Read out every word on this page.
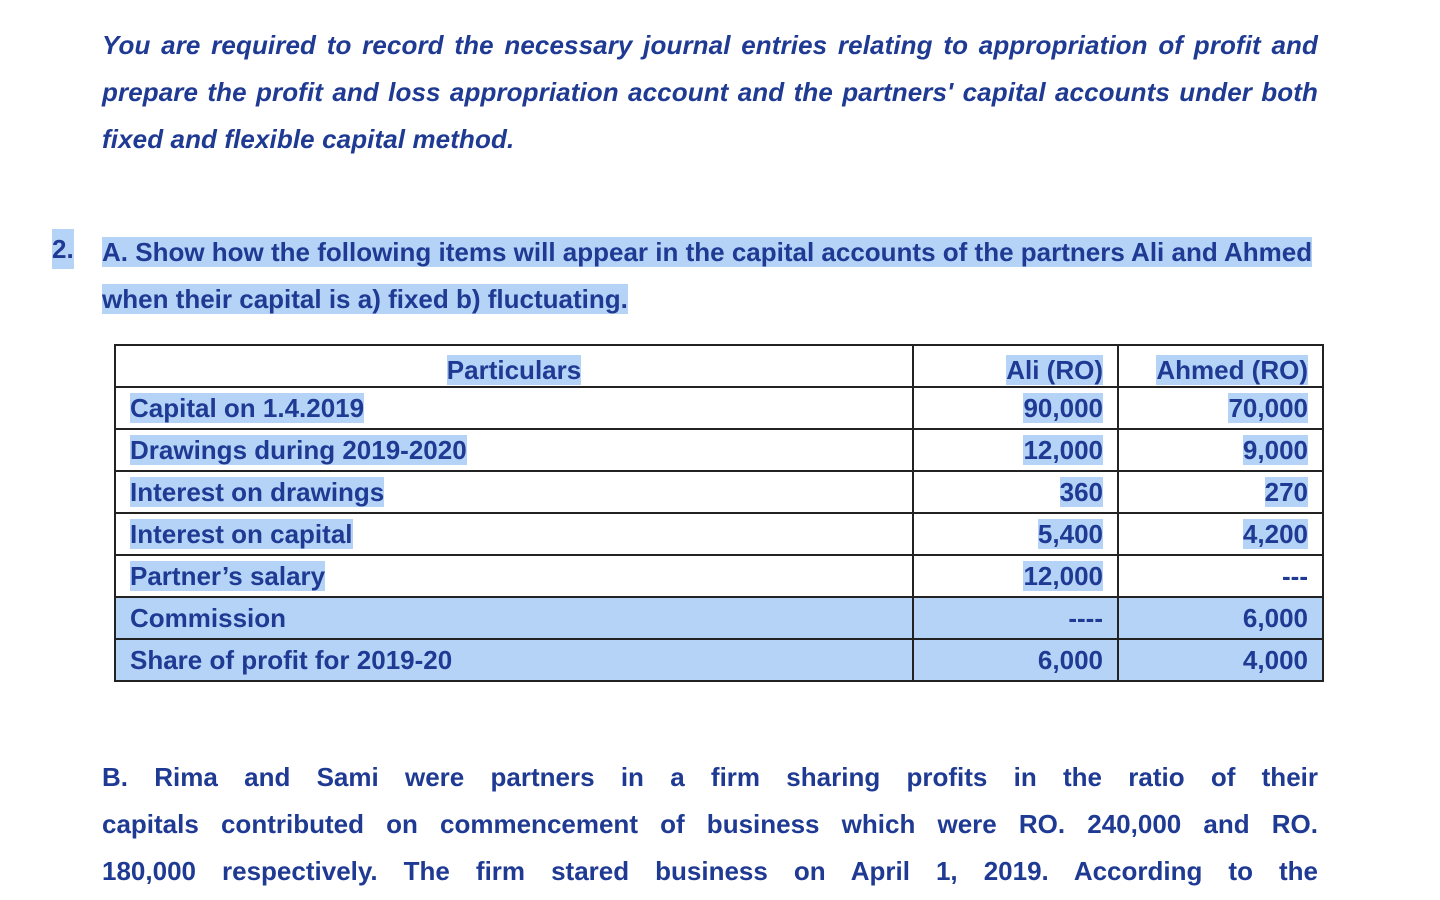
You are required to record the necessary journal entries relating to appropriation of profit and prepare the profit and loss appropriation account and the partners' capital accounts under both fixed and flexible capital method.
2. A. Show how the following items will appear in the capital accounts of the partners Ali and Ahmed when their capital is a) fixed b) fluctuating.
Particulars	Ali (RO)	Ahmed (RO)
Capital on 1.4.2019	90,000	70,000
Drawings during 2019-2020	12,000	9,000
Interest on drawings	360	270
Interest on capital	5,400	4,200
Partner’s salary	12,000	---
Commission	----	6,000
Share of profit for 2019-20	6,000	4,000
B. Rima and Sami were partners in a firm sharing profits in the ratio of their
capitals contributed on commencement of business which were RO. 240,000 and RO.
180,000 respectively. The firm stared business on April 1, 2019. According to the
